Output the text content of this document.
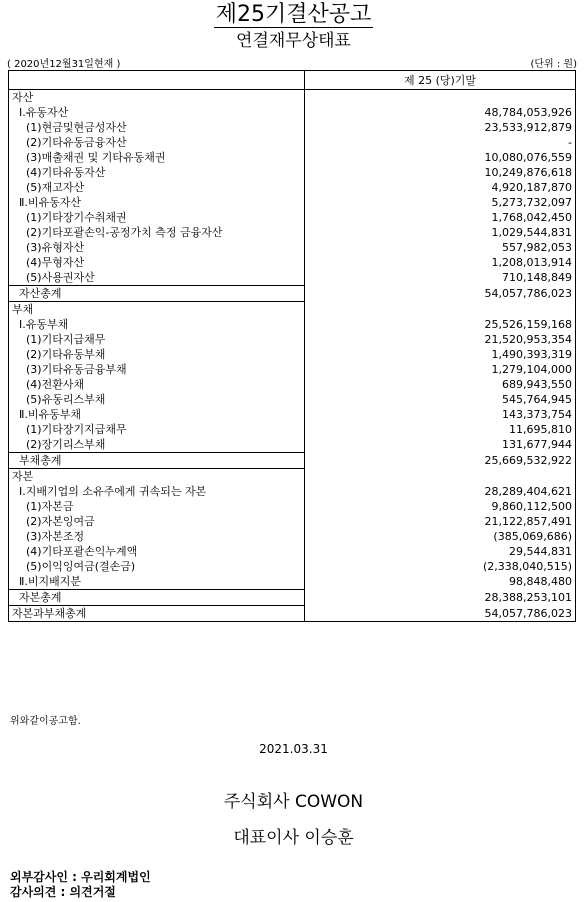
제25기결산공고
연결재무상태표
( 2020년12월31일현재 )	(단위 : 원)
	제 25 (당)기말
자산	
Ⅰ.유동자산	48,784,053,926
(1)현금및현금성자산	23,533,912,879
(2)기타유동금융자산	-
(3)매출채권 및 기타유동채권	10,080,076,559
(4)기타유동자산	10,249,876,618
(5)재고자산	4,920,187,870
Ⅱ.비유동자산	5,273,732,097
(1)기타장기수취채권	1,768,042,450
(2)기타포괄손익-공정가치 측정 금융자산	1,029,544,831
(3)유형자산	557,982,053
(4)무형자산	1,208,013,914
(5)사용권자산	710,148,849
자산총계	54,057,786,023
부채	
Ⅰ.유동부채	25,526,159,168
(1)기타지급채무	21,520,953,354
(2)기타유동부채	1,490,393,319
(3)기타유동금융부채	1,279,104,000
(4)전환사채	689,943,550
(5)유동리스부채	545,764,945
Ⅱ.비유동부채	143,373,754
(1)기타장기지급채무	11,695,810
(2)장기리스부채	131,677,944
부채총계	25,669,532,922
자본	
Ⅰ.지배기업의 소유주에게 귀속되는 자본	28,289,404,621
(1)자본금	9,860,112,500
(2)자본잉여금	21,122,857,491
(3)자본조정	(385,069,686)
(4)기타포괄손익누계액	29,544,831
(5)이익잉여금(결손금)	(2,338,040,515)
Ⅱ.비지배지분	98,848,480
자본총계	28,388,253,101
자본과부채총계	54,057,786,023
위와같이공고함.
2021.03.31
주식회사 COWON
대표이사 이승훈
외부감사인 : 우리회계법인
감사의견 : 의견거절
